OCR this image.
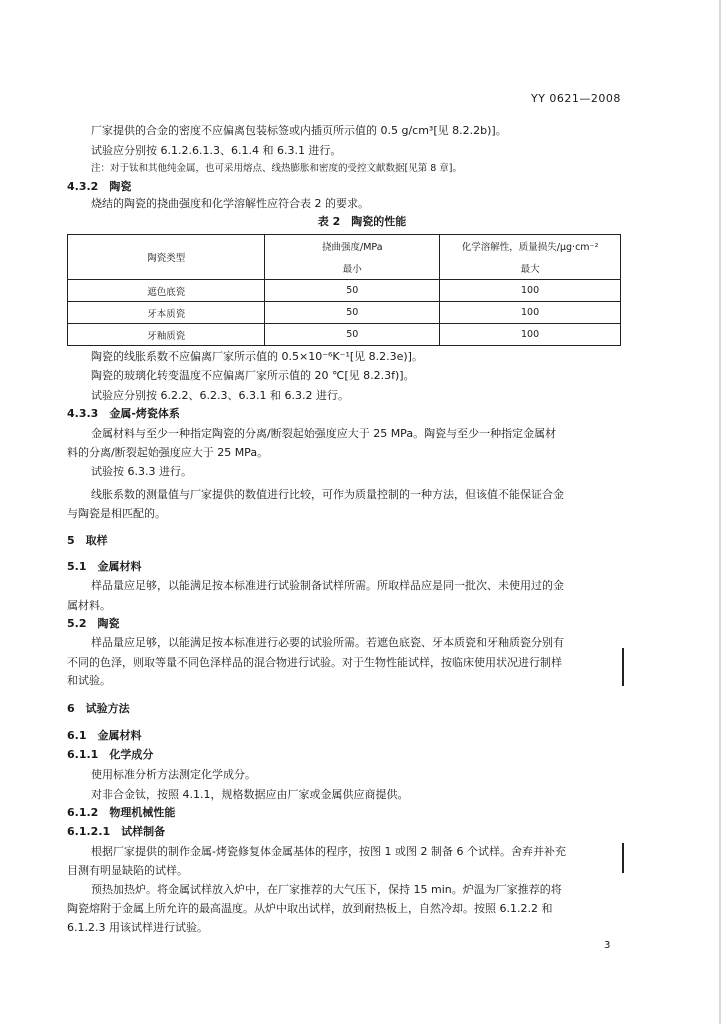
YY 0621—2008
厂家提供的合金的密度不应偏离包装标签或内插页所示值的 0.5 g/cm³[见 8.2.2b)]。
试验应分别按 6.1.2.6.1.3、6.1.4 和 6.3.1 进行。
注：对于钛和其他纯金属，也可采用熔点、线热膨胀和密度的受控文献数据[见第 8 章]。
4.3.2　陶瓷
烧结的陶瓷的挠曲强度和化学溶解性应符合表 2 的要求。
表 2　陶瓷的性能
陶瓷类型	挠曲强度/MPa	化学溶解性，质量损失/μg·cm⁻²
	最小	最大
遮色底瓷	50	100
牙本质瓷	50	100
牙釉质瓷	50	100
陶瓷的线胀系数不应偏离厂家所示值的 0.5×10⁻⁶K⁻¹[见 8.2.3e)]。
陶瓷的玻璃化转变温度不应偏离厂家所示值的 20 ℃[见 8.2.3f)]。
试验应分别按 6.2.2、6.2.3、6.3.1 和 6.3.2 进行。
4.3.3　金属-烤瓷体系
金属材料与至少一种指定陶瓷的分离/断裂起始强度应大于 25 MPa。陶瓷与至少一种指定金属材
料的分离/断裂起始强度应大于 25 MPa。
试验按 6.3.3 进行。
线胀系数的测量值与厂家提供的数值进行比较，可作为质量控制的一种方法，但该值不能保证合金
与陶瓷是相匹配的。
5　取样
5.1　金属材料
样品量应足够，以能满足按本标准进行试验制备试样所需。所取样品应是同一批次、未使用过的金
属材料。
5.2　陶瓷
样品量应足够，以能满足按本标准进行必要的试验所需。若遮色底瓷、牙本质瓷和牙釉质瓷分别有
不同的色泽，则取等量不同色泽样品的混合物进行试验。对于生物性能试样，按临床使用状况进行制样
和试验。
6　试验方法
6.1　金属材料
6.1.1　化学成分
使用标准分析方法测定化学成分。
对非合金钛，按照 4.1.1，规格数据应由厂家或金属供应商提供。
6.1.2　物理机械性能
6.1.2.1　试样制备
根据厂家提供的制作金属-烤瓷修复体金属基体的程序，按图 1 或图 2 制备 6 个试样。舍弃并补充
目测有明显缺陷的试样。
预热加热炉。将金属试样放入炉中，在厂家推荐的大气压下，保持 15 min。炉温为厂家推荐的将
陶瓷熔附于金属上所允许的最高温度。从炉中取出试样，放到耐热板上，自然冷却。按照 6.1.2.2 和
6.1.2.3 用该试样进行试验。
3
